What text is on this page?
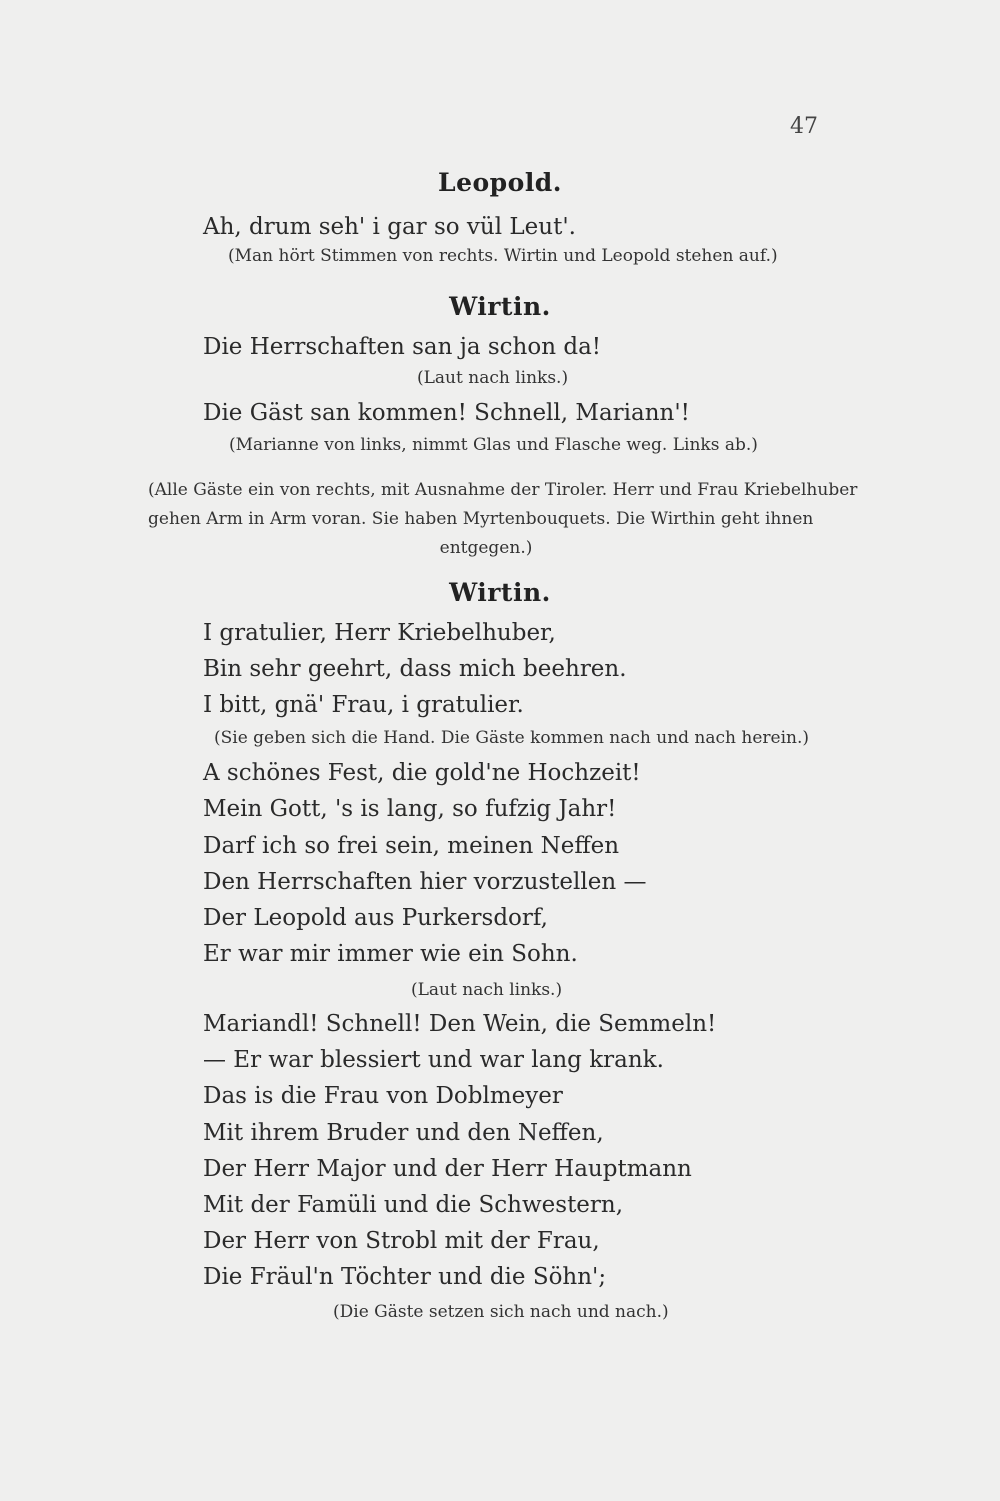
47
Leopold.
Ah, drum seh' i gar so vül Leut'.
(Man hört Stimmen von rechts. Wirtin und Leopold stehen auf.)
Wirtin.
Die Herrschaften san ja schon da!
(Laut nach links.)
Die Gäst san kommen! Schnell, Mariann'!
(Marianne von links, nimmt Glas und Flasche weg. Links ab.)
(Alle Gäste ein von rechts, mit Ausnahme der Tiroler. Herr und Frau Kriebelhuber
gehen Arm in Arm voran. Sie haben Myrtenbouquets. Die Wirthin geht ihnen
entgegen.)
Wirtin.
I gratulier, Herr Kriebelhuber,
Bin sehr geehrt, dass mich beehren.
I bitt, gnä' Frau, i gratulier.
(Sie geben sich die Hand. Die Gäste kommen nach und nach herein.)
A schönes Fest, die gold'ne Hochzeit!
Mein Gott, 's is lang, so fufzig Jahr!
Darf ich so frei sein, meinen Neffen
Den Herrschaften hier vorzustellen —
Der Leopold aus Purkersdorf,
Er war mir immer wie ein Sohn.
(Laut nach links.)
Mariandl! Schnell! Den Wein, die Semmeln!
— Er war blessiert und war lang krank.
Das is die Frau von Doblmeyer
Mit ihrem Bruder und den Neffen,
Der Herr Major und der Herr Hauptmann
Mit der Famüli und die Schwestern,
Der Herr von Strobl mit der Frau,
Die Fräul'n Töchter und die Söhn';
(Die Gäste setzen sich nach und nach.)
